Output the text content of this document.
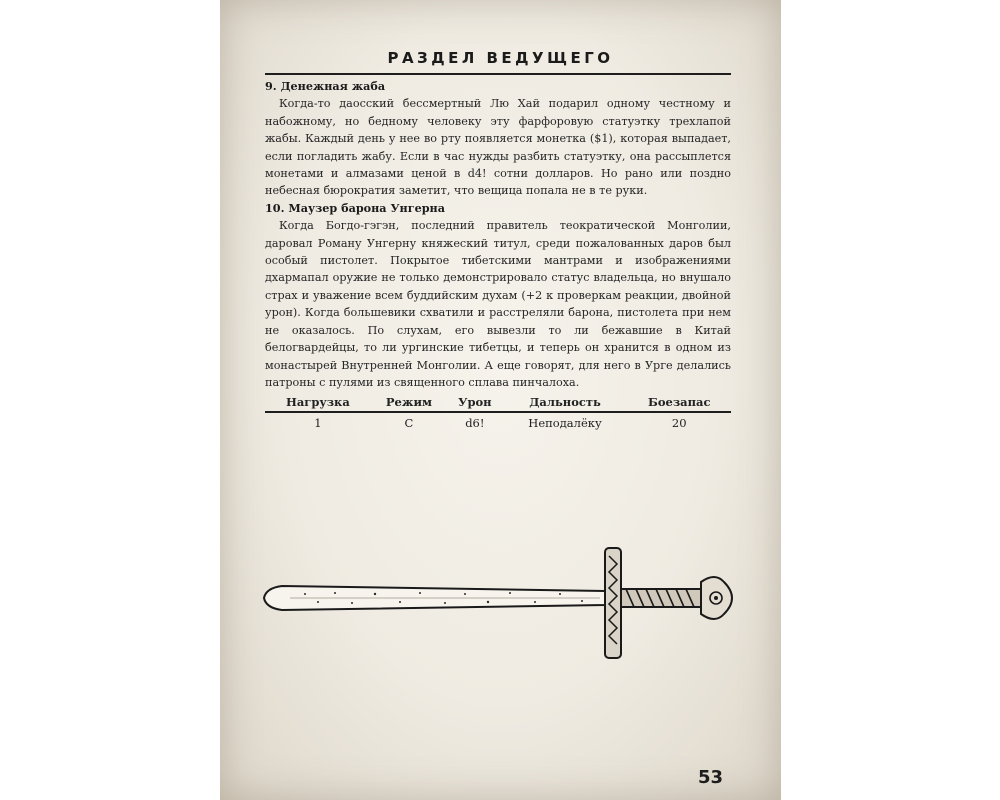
РАЗДЕЛ ВЕДУЩЕГО
9. Денежная жаба

Когда-то даосский бессмертный Лю Хай подарил одному честному и набожному, но бедному человеку эту фарфоровую статуэтку трехлапой жабы. Каждый день у нее во рту появляется монетка ($1), которая выпадает, если погладить жабу. Если в час нужды разбить статуэтку, она рассыплется монетами и алмазами ценой в d4! сотни долларов. Но рано или поздно небесная бюрократия заметит, что вещица попала не в те руки.

10. Маузер барона Унгерна

Когда Богдо-гэгэн, последний правитель теократической Монголии, даровал Роману Унгерну княжеский титул, среди пожалованных даров был особый пистолет. Покрытое тибетскими мантрами и изображениями дхармапал оружие не только демонстрировало статус владельца, но внушало страх и уважение всем буддийским духам (+2 к проверкам реакции, двойной урон). Когда большевики схватили и расстреляли барона, пистолета при нем не оказалось. По слухам, его вывезли то ли бежавшие в Китай белогвардейцы, то ли ургинские тибетцы, и теперь он хранится в одном из монастырей Внутренней Монголии. А еще говорят, для него в Урге делались патроны с пулями из священного сплава пинчалоха.

Нагрузка	Режим	Урон	Дальность	Боезапас
1	С	d6!	Неподалёку	20
53
